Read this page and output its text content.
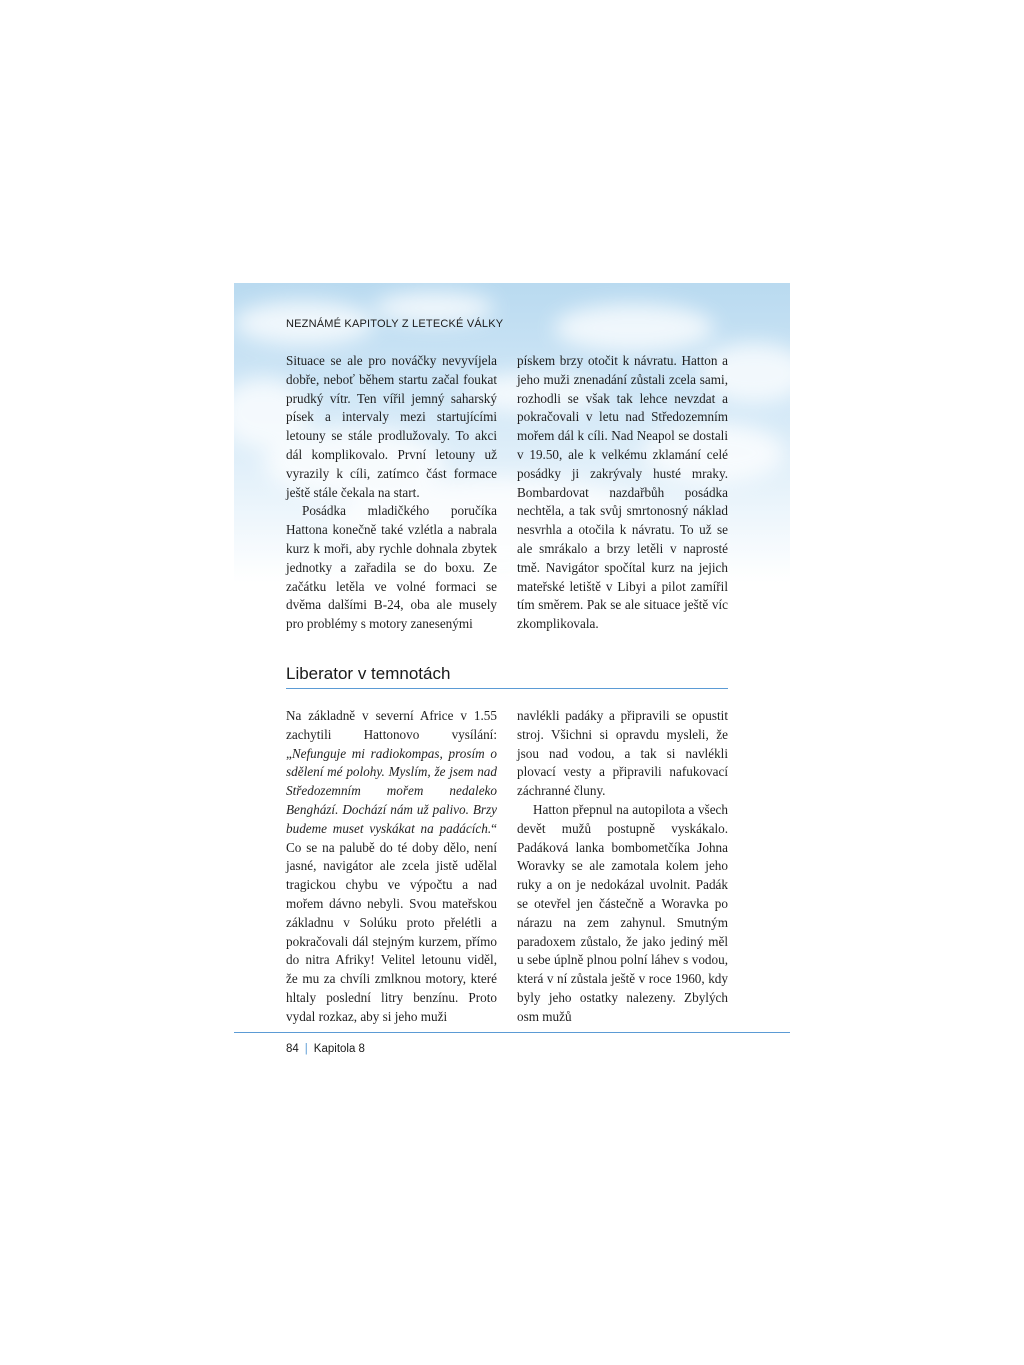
NEZNÁMÉ KAPITOLY Z LETECKÉ VÁLKY

Situace se ale pro nováčky nevyvíjela dobře, neboť během startu začal foukat prudký vítr. Ten vířil jemný saharský písek a intervaly mezi startujícími letouny se stále prodlužovaly. To akci dál komplikovalo. První letouny už vyrazily k cíli, zatímco část formace ještě stále čekala na start.

Posádka mladičkého poručíka Hattona konečně také vzlétla a nabrala kurz k moři, aby rychle dohnala zbytek jednotky a zařadila se do boxu. Ze začátku letěla ve volné formaci se dvěma dalšími B-24, oba ale musely pro problémy s motory zanesenými

pískem brzy otočit k návratu. Hatton a jeho muži znenadání zůstali zcela sami, rozhodli se však tak lehce nevzdat a pokračovali v letu nad Středozemním mořem dál k cíli. Nad Neapol se dostali v 19.50, ale k velkému zklamání celé posádky ji zakrývaly husté mraky. Bombardovat nazdařbůh posádka nechtěla, a tak svůj smrtonosný náklad nesvrhla a otočila k návratu. To už se ale smrákalo a brzy letěli v naprosté tmě. Navigátor spočítal kurz na jejich mateřské letiště v Libyi a pilot zamířil tím směrem. Pak se ale situace ještě víc zkomplikovala.

Liberator v temnotách

Na základně v severní Africe v 1.55 zachytili Hattonovo vysílání: „Nefunguje mi radiokompas, prosím o sdělení mé polohy. Myslím, že jsem nad Středozemním mořem nedaleko Benghází. Dochází nám už palivo. Brzy budeme muset vyskákat na padácích.“ Co se na palubě do té doby dělo, není jasné, navigátor ale zcela jistě udělal tragickou chybu ve výpočtu a nad mořem dávno nebyli. Svou mateřskou základnu v Solúku proto přelétli a pokračovali dál stejným kurzem, přímo do nitra Afriky! Velitel letounu viděl, že mu za chvíli zmlknou motory, které hltaly poslední litry benzínu. Proto vydal rozkaz, aby si jeho muži

navlékli padáky a připravili se opustit stroj. Všichni si opravdu mysleli, že jsou nad vodou, a tak si navlékli plovací vesty a připravili nafukovací záchranné čluny.

Hatton přepnul na autopilota a všech devět mužů postupně vyskákalo. Padáková lanka bombometčíka Johna Woravky se ale zamotala kolem jeho ruky a on je nedokázal uvolnit. Padák se otevřel jen částečně a Woravka po nárazu na zem zahynul. Smutným paradoxem zůstalo, že jako jediný měl u sebe úplně plnou polní láhev s vodou, která v ní zůstala ještě v roce 1960, kdy byly jeho ostatky nalezeny. Zbylých osm mužů

84 | Kapitola 8
